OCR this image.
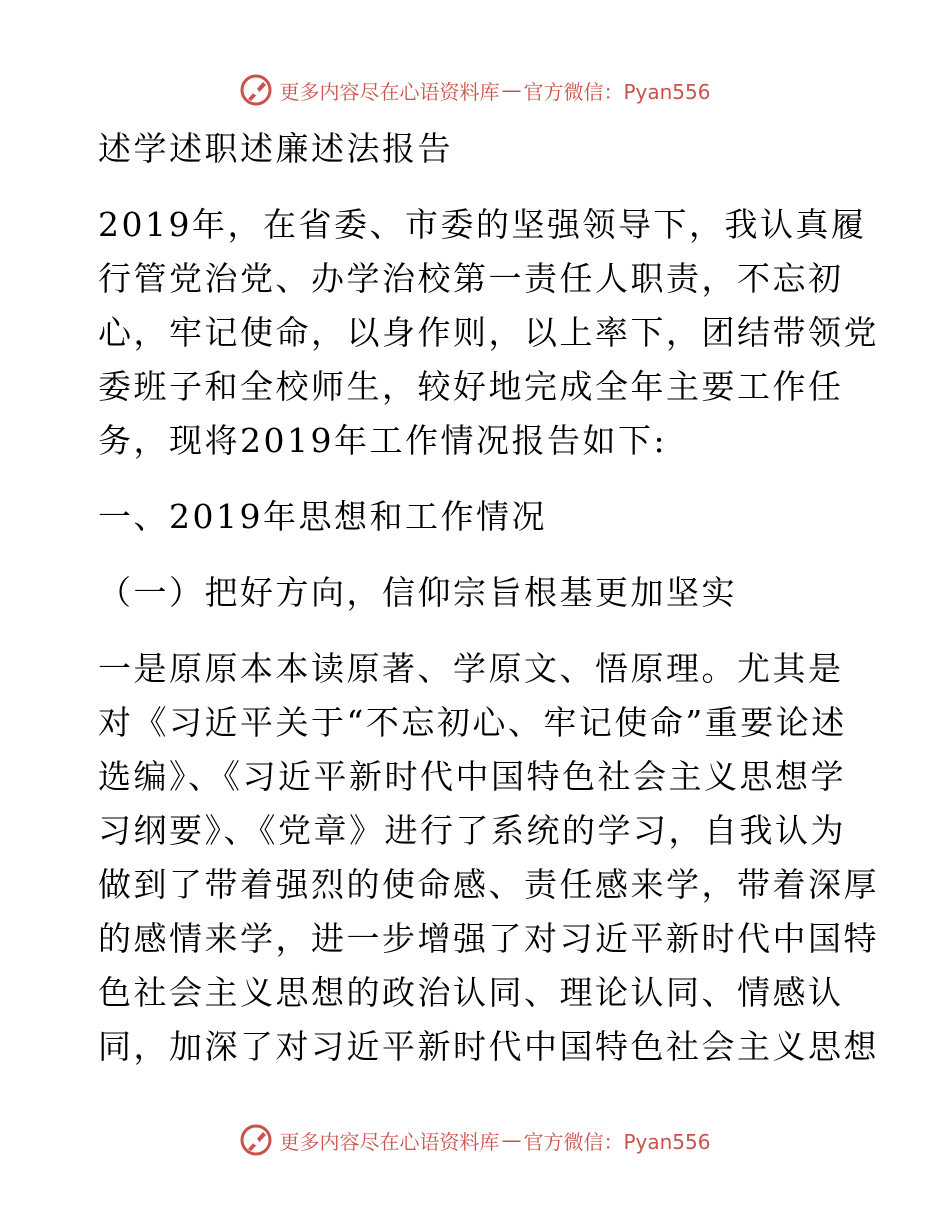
更多内容尽在心语资料库 — 官方微信：Pyan556
述学述职述廉述法报告
2019年，在省委、市委的坚强领导下，我认真履
行管党治党、办学治校第一责任人职责，不忘初
心，牢记使命，以身作则，以上率下，团结带领党
委班子和全校师生，较好地完成全年主要工作任
务，现将2019年工作情况报告如下:
一、2019年思想和工作情况
（一）把好方向，信仰宗旨根基更加坚实
一是原原本本读原著、学原文、悟原理。尤其是
对《习近平关于“不忘初心、牢记使命”重要论述
选编》、《习近平新时代中国特色社会主义思想学
习纲要》、《党章》进行了系统的学习，自我认为
做到了带着强烈的使命感、责任感来学，带着深厚
的感情来学，进一步增强了对习近平新时代中国特
色社会主义思想的政治认同、理论认同、情感认
同，加深了对习近平新时代中国特色社会主义思想
更多内容尽在心语资料库 — 官方微信：Pyan556
